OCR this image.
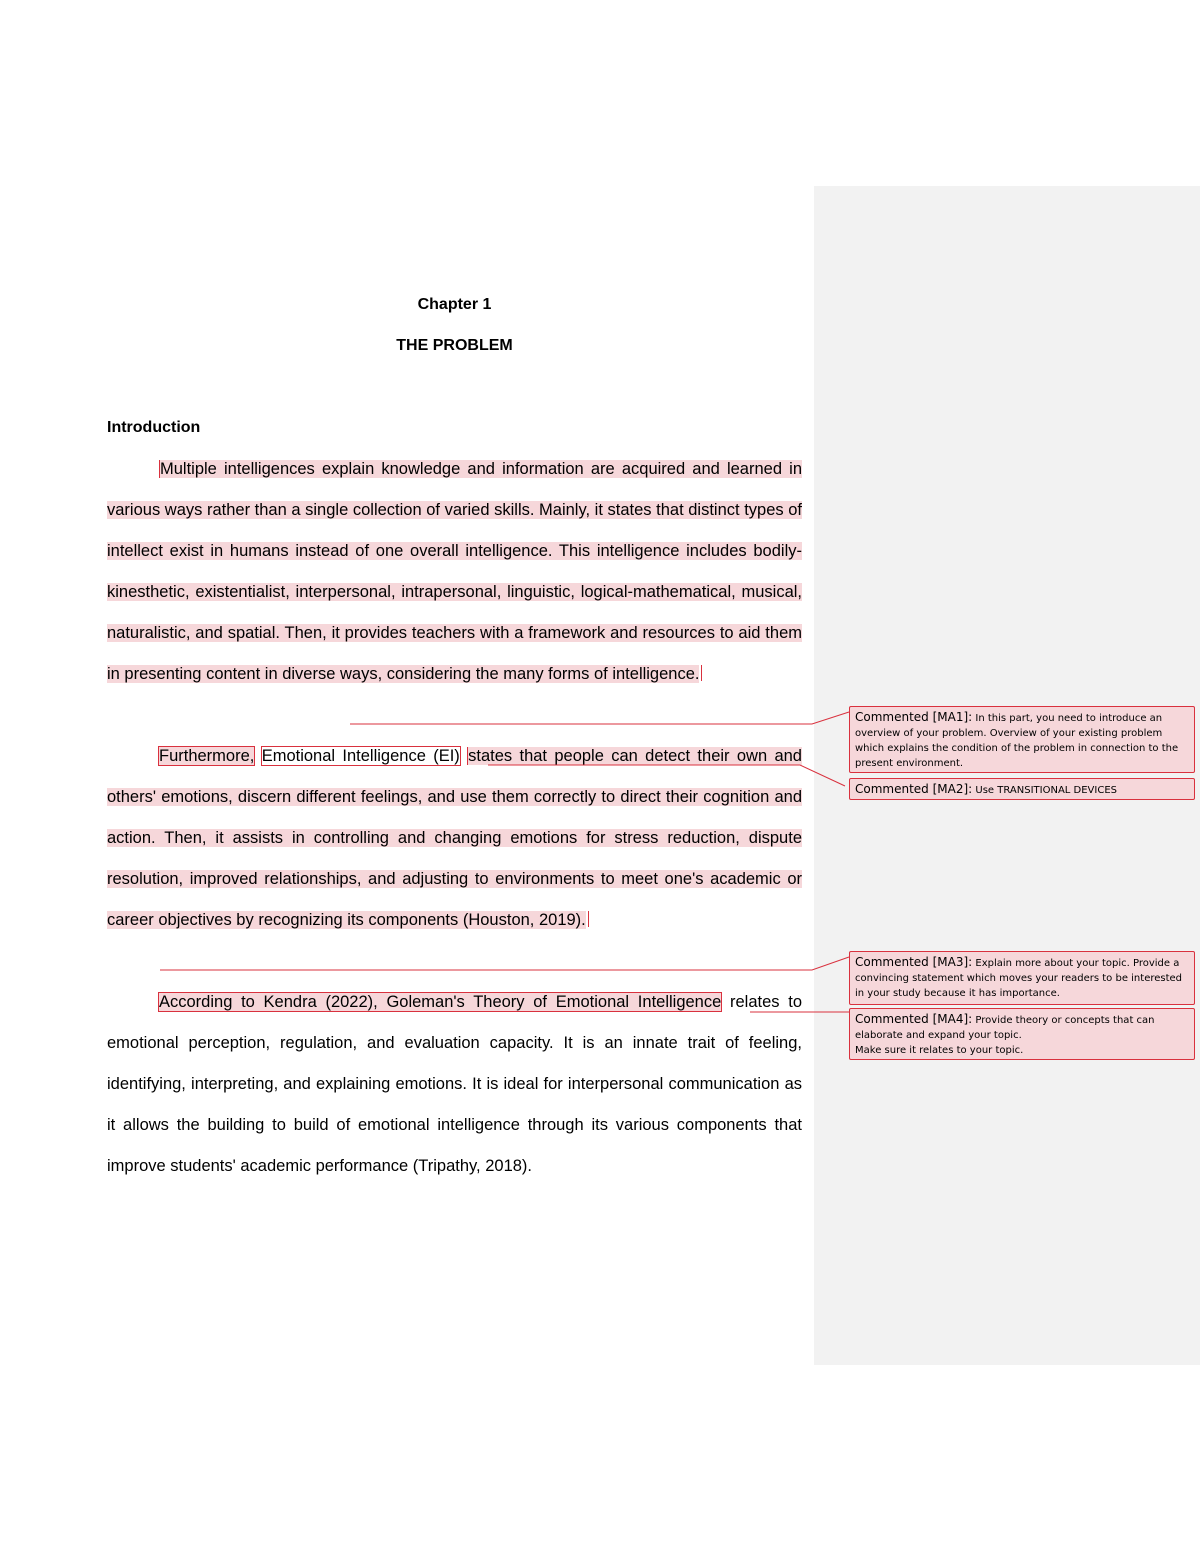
Chapter 1
THE PROBLEM
Introduction

Multiple intelligences explain knowledge and information are acquired and learned in various ways rather than a single collection of varied skills. Mainly, it states that distinct types of intellect exist in humans instead of one overall intelligence. This intelligence includes bodily-kinesthetic, existentialist, interpersonal, intrapersonal, linguistic, logical-mathematical, musical, naturalistic, and spatial. Then, it provides teachers with a framework and resources to aid them in presenting content in diverse ways, considering the many forms of intelligence.

Furthermore, Emotional Intelligence (EI) states that people can detect their own and others' emotions, discern different feelings, and use them correctly to direct their cognition and action. Then, it assists in controlling and changing emotions for stress reduction, dispute resolution, improved relationships, and adjusting to environments to meet one's academic or career objectives by recognizing its components (Houston, 2019).

According to Kendra (2022), Goleman's Theory of Emotional Intelligence relates to emotional perception, regulation, and evaluation capacity. It is an innate trait of feeling, identifying, interpreting, and explaining emotions. It is ideal for interpersonal communication as it allows the building to build of emotional intelligence through its various components that improve students' academic performance (Tripathy, 2018).

Commented [MA1]: In this part, you need to introduce an overview of your problem. Overview of your existing problem which explains the condition of the problem in connection to the present environment.
Commented [MA2]: Use TRANSITIONAL DEVICES
Commented [MA3]: Explain more about your topic. Provide a convincing statement which moves your readers to be interested in your study because it has importance.
Commented [MA4]: Provide theory or concepts that can elaborate and expand your topic.
Make sure it relates to your topic.
